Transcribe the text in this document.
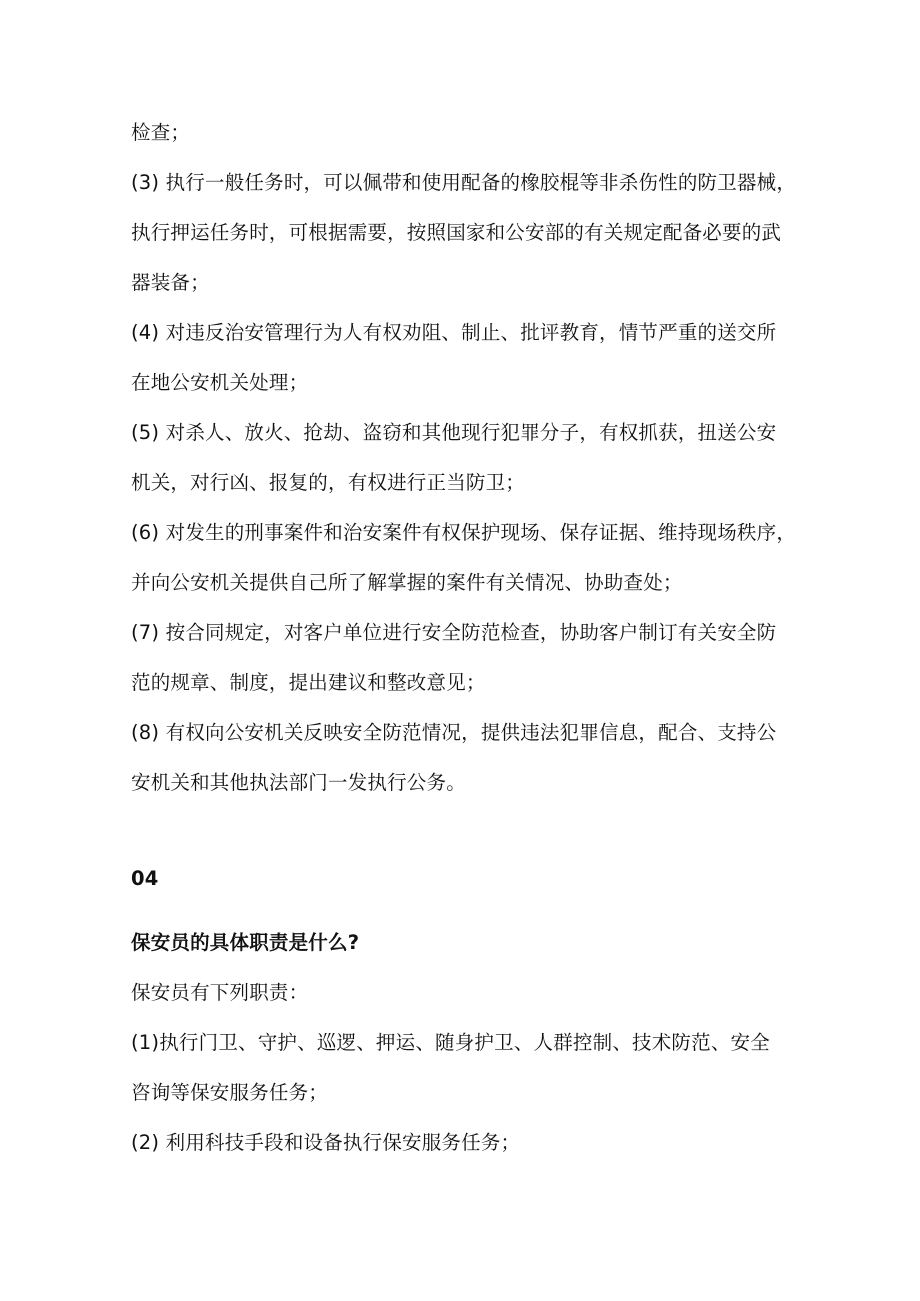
检查；
(3) 执行一般任务时，可以佩带和使用配备的橡胶棍等非杀伤性的防卫器械，
执行押运任务时，可根据需要，按照国家和公安部的有关规定配备必要的武
器装备；
(4) 对违反治安管理行为人有权劝阻、制止、批评教育，情节严重的送交所
在地公安机关处理；
(5) 对杀人、放火、抢劫、盗窃和其他现行犯罪分子，有权抓获，扭送公安
机关，对行凶、报复的，有权进行正当防卫；
(6) 对发生的刑事案件和治安案件有权保护现场、保存证据、维持现场秩序，
并向公安机关提供自己所了解掌握的案件有关情况、协助查处；
(7) 按合同规定，对客户单位进行安全防范检查，协助客户制订有关安全防
范的规章、制度，提出建议和整改意见；
(8) 有权向公安机关反映安全防范情况，提供违法犯罪信息，配合、支持公
安机关和其他执法部门一发执行公务。
04
保安员的具体职责是什么?
保安员有下列职责：
(1)执行门卫、守护、巡逻、押运、随身护卫、人群控制、技术防范、安全
咨询等保安服务任务；
(2) 利用科技手段和设备执行保安服务任务；
